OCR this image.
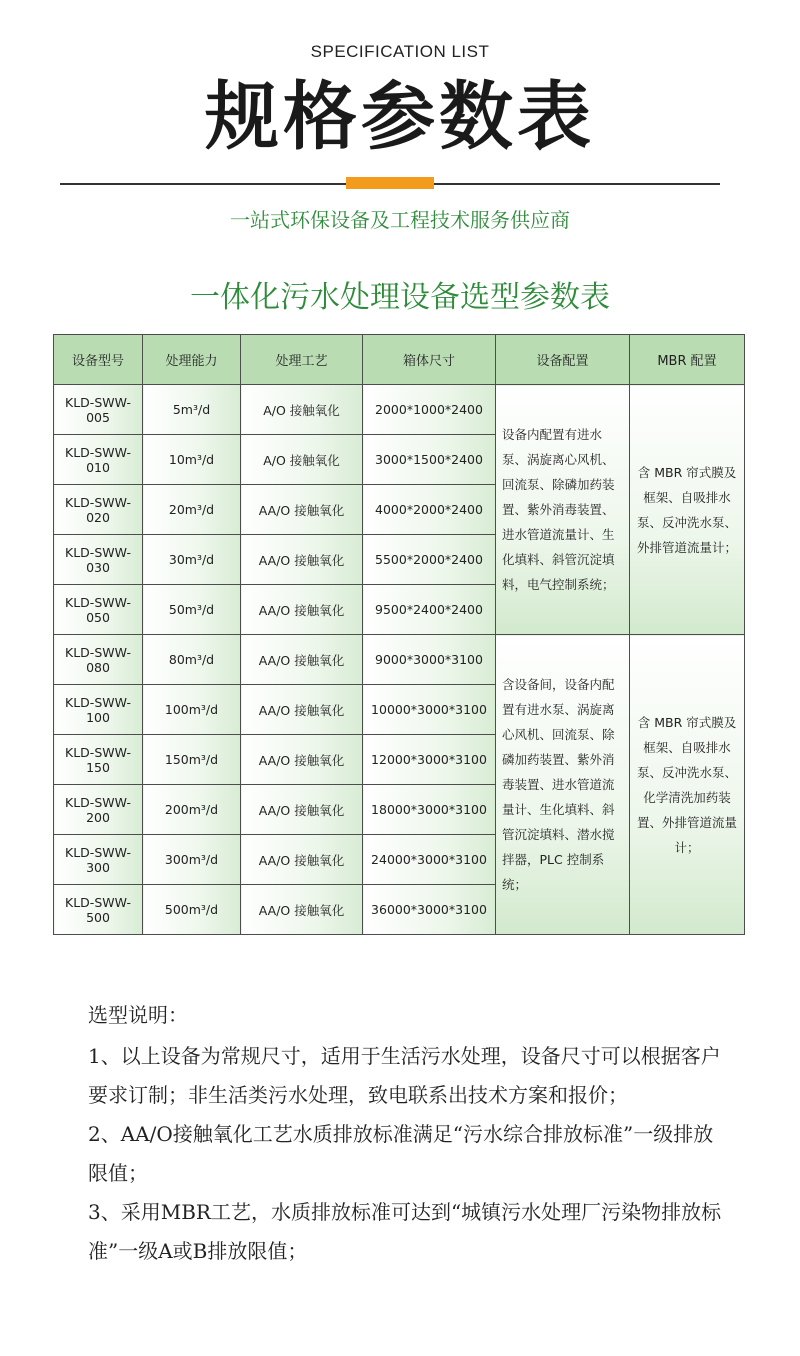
SPECIFICATION LIST
规格参数表
一站式环保设备及工程技术服务供应商
一体化污水处理设备选型参数表
设备型号	处理能力	处理工艺	箱体尺寸	设备配置	MBR 配置
KLD-SWW-005	5m³/d	A/O 接触氧化	2000*1000*2400	设备内配置有进水泵、涡旋离心风机、回流泵、除磷加药装置、紫外消毒装置、进水管道流量计、生化填料、斜管沉淀填料，电气控制系统；	含 MBR 帘式膜及框架、自吸排水泵、反冲洗水泵、外排管道流量计；
KLD-SWW-010	10m³/d	A/O 接触氧化	3000*1500*2400		
KLD-SWW-020	20m³/d	AA/O 接触氧化	4000*2000*2400		
KLD-SWW-030	30m³/d	AA/O 接触氧化	5500*2000*2400		
KLD-SWW-050	50m³/d	AA/O 接触氧化	9500*2400*2400		
KLD-SWW-080	80m³/d	AA/O 接触氧化	9000*3000*3100	含设备间，设备内配置有进水泵、涡旋离心风机、回流泵、除磷加药装置、紫外消毒装置、进水管道流量计、生化填料、斜管沉淀填料、潜水搅拌器，PLC 控制系统；	含 MBR 帘式膜及框架、自吸排水泵、反冲洗水泵、化学清洗加药装置、外排管道流量计；
KLD-SWW-100	100m³/d	AA/O 接触氧化	10000*3000*3100		
KLD-SWW-150	150m³/d	AA/O 接触氧化	12000*3000*3100		
KLD-SWW-200	200m³/d	AA/O 接触氧化	18000*3000*3100		
KLD-SWW-300	300m³/d	AA/O 接触氧化	24000*3000*3100		
KLD-SWW-500	500m³/d	AA/O 接触氧化	36000*3000*3100		

选型说明：

1、以上设备为常规尺寸，适用于生活污水处理，设备尺寸可以根据客户要求订制；非生活类污水处理，致电联系出技术方案和报价；

2、AA/O接触氧化工艺水质排放标准满足“污水综合排放标准”一级排放限值；

3、采用MBR工艺，水质排放标准可达到“城镇污水处理厂污染物排放标准”一级A或B排放限值；
